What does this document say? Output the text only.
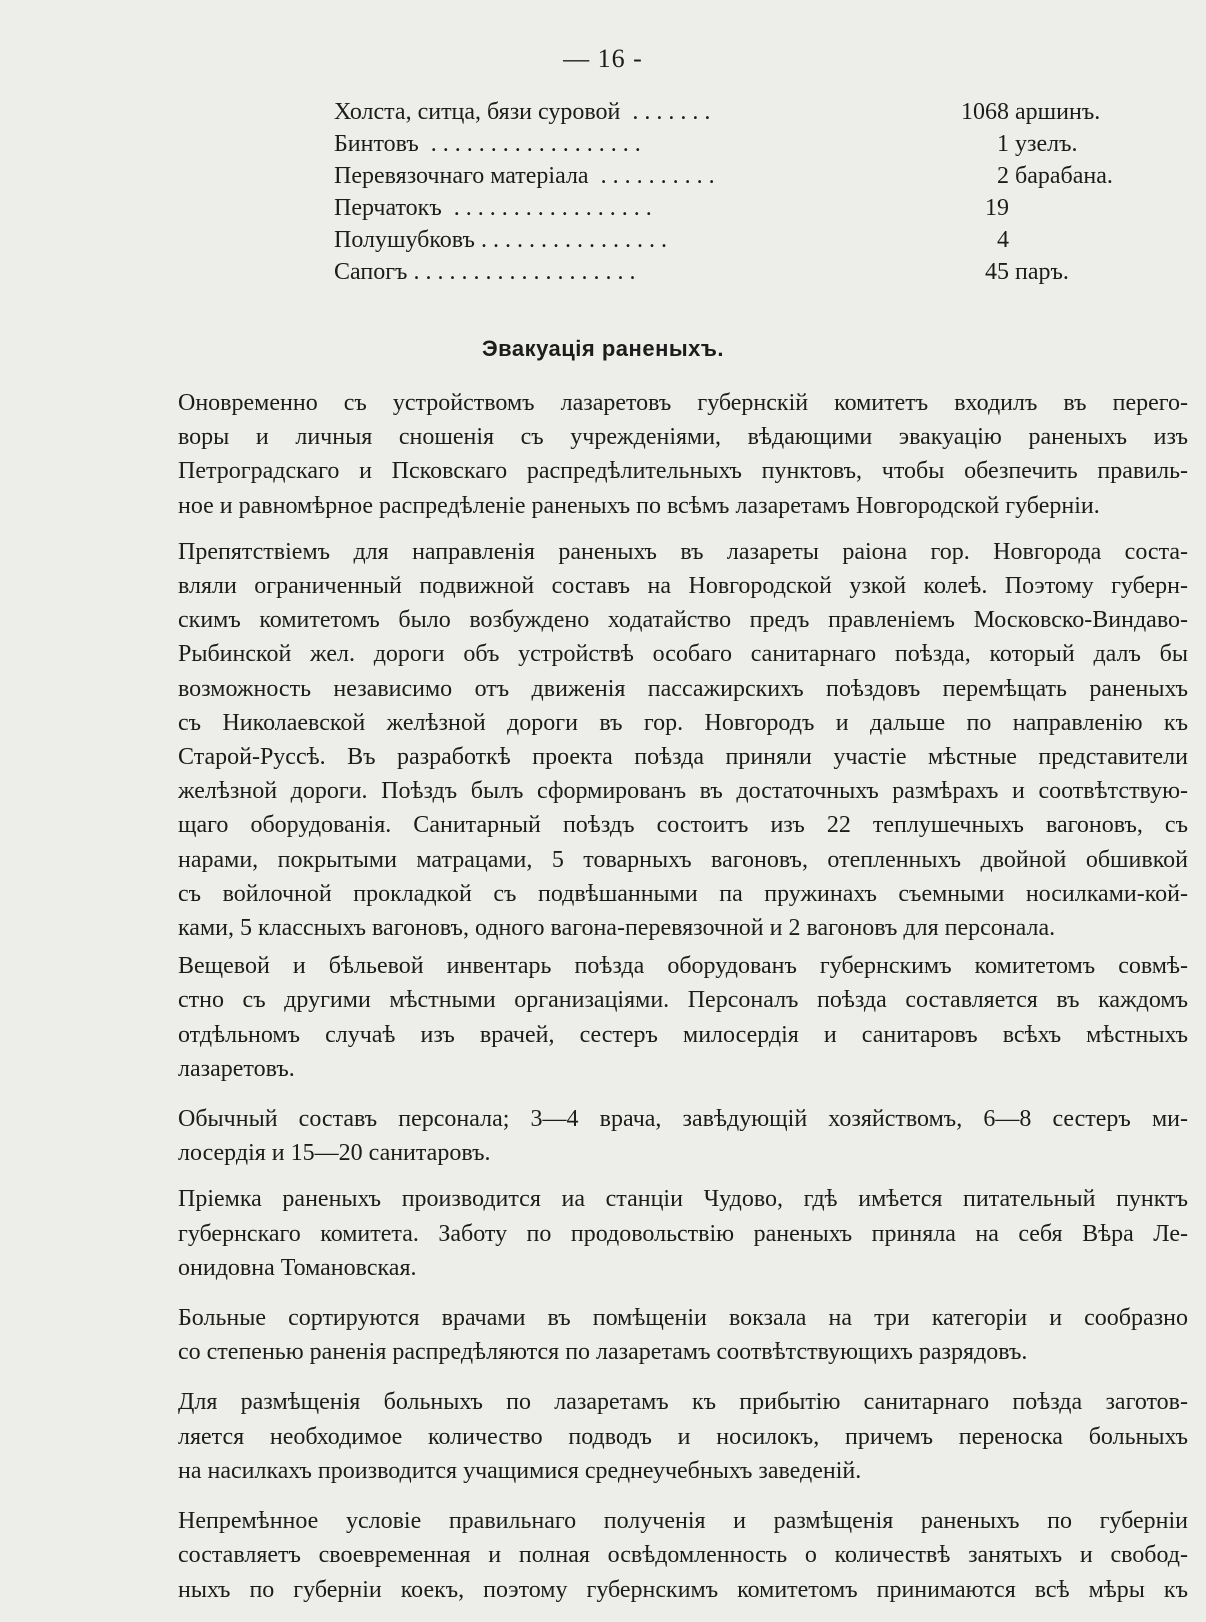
— 16 -
Холста, ситца, бязи суровой  . . . . . . .	1068 аршинъ.
Бинтовъ  . . . . . . . . . . . . . . . . . .	1 узелъ.
Перевязочнаго матеріала  . . . . . . . . . .	2 барабана.
Перчатокъ  . . . . . . . . . . . . . . . . .	19
Полушубковъ . . . . . . . . . . . . . . . .	4
Сапогъ . . . . . . . . . . . . . . . . . . .	45 паръ.
Эвакуація раненыхъ.

Оновременно съ устройствомъ лазаретовъ губернскій комитетъ входилъ въ перего-
воры и личныя сношенія съ учрежденіями, вѣдающими эвакуацію раненыхъ изъ
Петроградскаго и Псковскаго распредѣлительныхъ пунктовъ, чтобы обезпечить правиль-
ное и равномѣрное распредѣленіе раненыхъ по всѣмъ лазаретамъ Новгородской губерніи.

Препятствіемъ для направленія раненыхъ въ лазареты раіона гор. Новгорода соста-
вляли ограниченный подвижной составъ на Новгородской узкой колеѣ. Поэтому губерн-
скимъ комитетомъ было возбуждено ходатайство предъ правленіемъ Московско-Виндаво-
Рыбинской жел. дороги объ устройствѣ особаго санитарнаго поѣзда, который далъ бы
возможность независимо отъ движенія пассажирскихъ поѣздовъ перемѣщать раненыхъ
съ Николаевской желѣзной дороги въ гор. Новгородъ и дальше по направленію къ
Старой-Руссѣ. Въ разработкѣ проекта поѣзда приняли участіе мѣстные представители
желѣзной дороги. Поѣздъ былъ сформированъ въ достаточныхъ размѣрахъ и соотвѣтствую-
щаго оборудованія. Санитарный поѣздъ состоитъ изъ 22 теплушечныхъ вагоновъ, съ
нарами, покрытыми матрацами, 5 товарныхъ вагоновъ, отепленныхъ двойной обшивкой
съ войлочной прокладкой съ подвѣшанными па пружинахъ съемными носилками-кой-
ками, 5 классныхъ вагоновъ, одного вагона-перевязочной и 2 вагоновъ для персонала.

Вещевой и бѣльевой инвентарь поѣзда оборудованъ губернскимъ комитетомъ совмѣ-
стно съ другими мѣстными организаціями. Персоналъ поѣзда составляется въ каждомъ
отдѣльномъ случаѣ изъ врачей, сестеръ милосердія и санитаровъ всѣхъ мѣстныхъ
лазаретовъ.

Обычный составъ персонала; 3—4 врача, завѣдующій хозяйствомъ, 6—8 сестеръ ми-
лосердія и 15—20 санитаровъ.

Пріемка раненыхъ производится иа станціи Чудово, гдѣ имѣется питательный пунктъ
губернскаго комитета. Заботу по продовольствію раненыхъ приняла на себя Вѣра Ле-
онидовна Томановская.

Больные сортируются врачами въ помѣщеніи вокзала на три категоріи и сообразно
со степенью раненія распредѣляются по лазаретамъ соотвѣтствующихъ разрядовъ.

Для размѣщенія больныхъ по лазаретамъ къ прибытію санитарнаго поѣзда заготов-
ляется необходимое количество подводъ и носилокъ, причемъ переноска больныхъ
на насилкахъ производится учащимися среднеучебныхъ заведеній.

Непремѣнное условіе правильнаго полученія и размѣщенія раненыхъ по губерніи
составляетъ своевременная и полная освѣдомленность о количествѣ занятыхъ и свобод-
ныхъ по губерніи коекъ, поэтому губернскимъ комитетомъ принимаются всѣ мѣры къ
